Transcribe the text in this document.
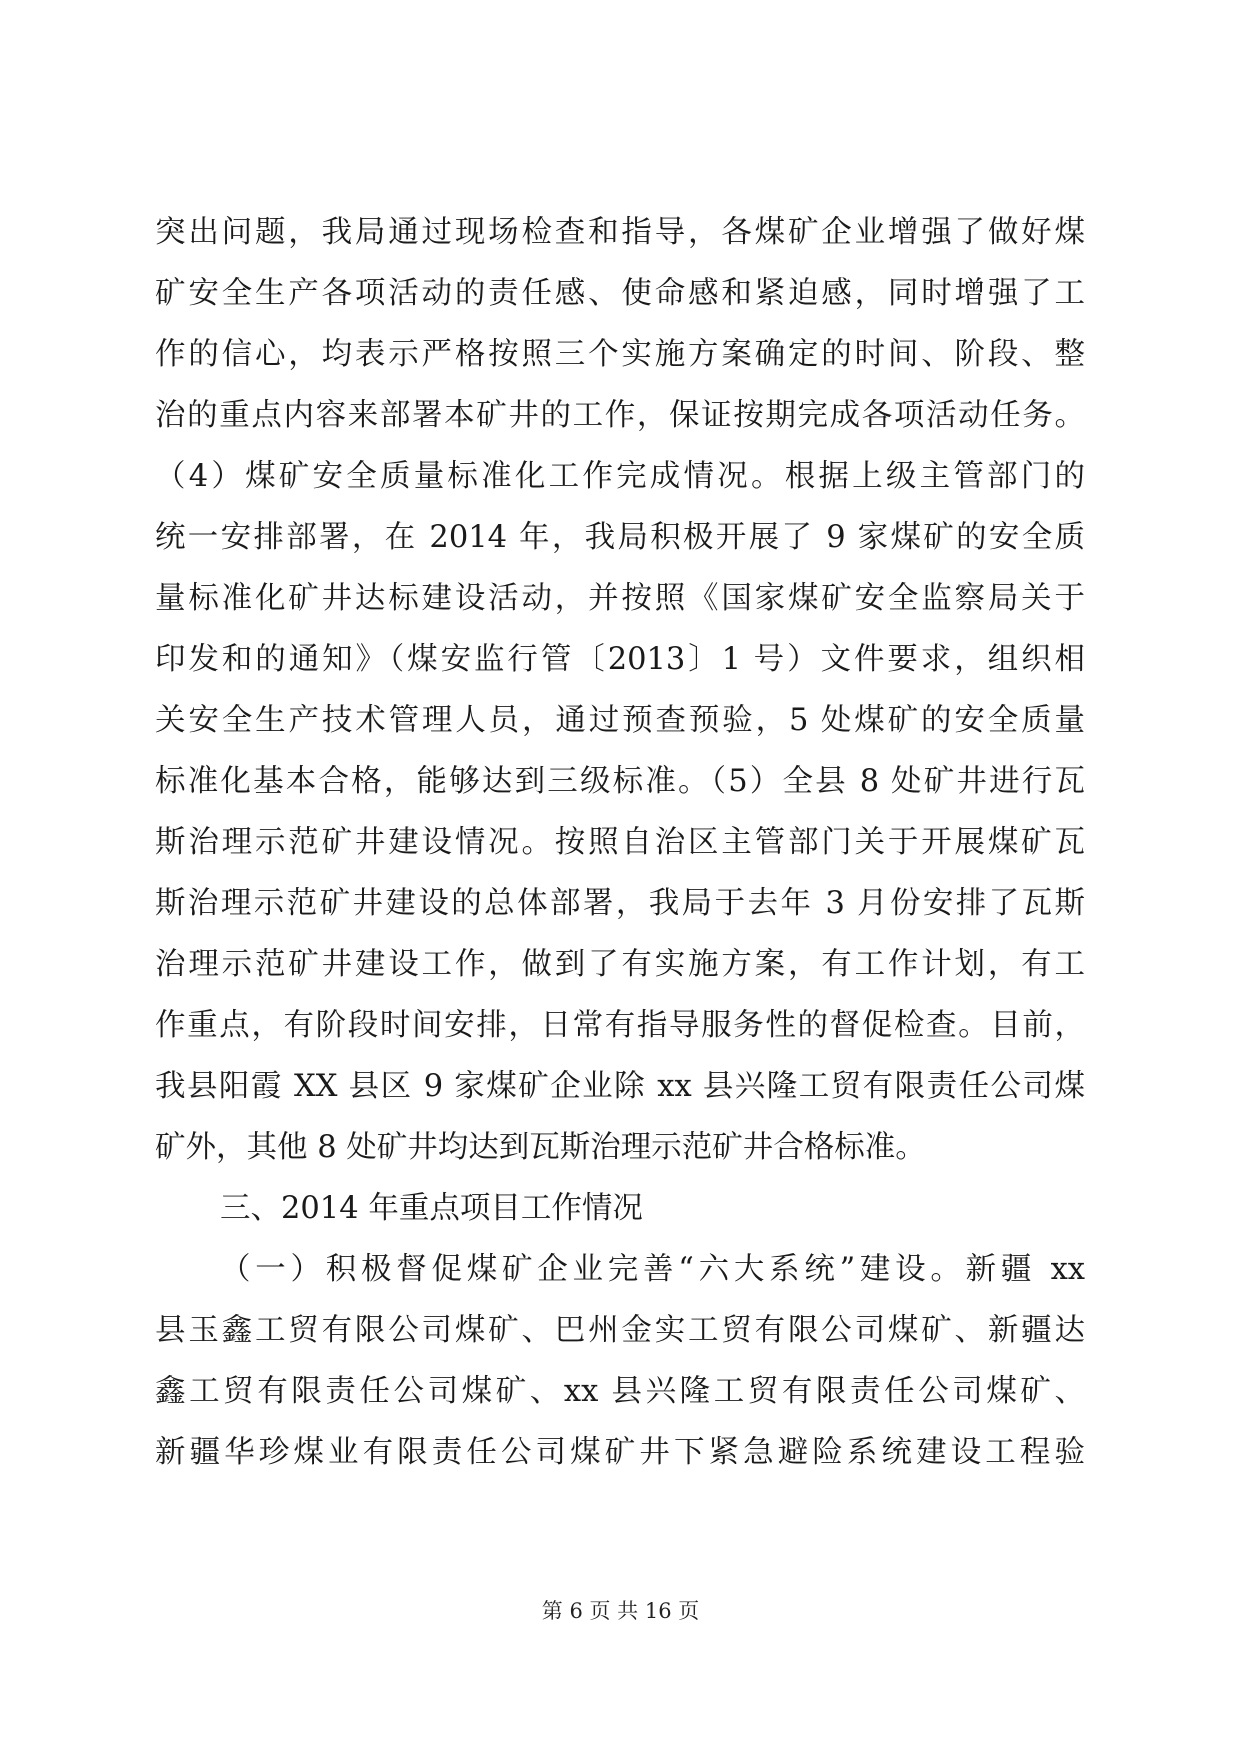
突出问题，我局通过现场检查和指导，各煤矿企业增强了做好煤
矿安全生产各项活动的责任感、使命感和紧迫感，同时增强了工
作的信心，均表示严格按照三个实施方案确定的时间、阶段、整
治的重点内容来部署本矿井的工作，保证按期完成各项活动任务。
（4）煤矿安全质量标准化工作完成情况。根据上级主管部门的
统一安排部署，在 2014 年，我局积极开展了 9 家煤矿的安全质
量标准化矿井达标建设活动，并按照《国家煤矿安全监察局关于
印发和的通知》（煤安监行管〔2013〕1 号）文件要求，组织相
关安全生产技术管理人员，通过预查预验，5 处煤矿的安全质量
标准化基本合格，能够达到三级标准。（5）全县 8 处矿井进行瓦
斯治理示范矿井建设情况。按照自治区主管部门关于开展煤矿瓦
斯治理示范矿井建设的总体部署，我局于去年 3 月份安排了瓦斯
治理示范矿井建设工作，做到了有实施方案，有工作计划，有工
作重点，有阶段时间安排，日常有指导服务性的督促检查。目前，
我县阳霞 XX 县区 9 家煤矿企业除 xx 县兴隆工贸有限责任公司煤
矿外，其他 8 处矿井均达到瓦斯治理示范矿井合格标准。
三、2014 年重点项目工作情况
（一）积极督促煤矿企业完善“六大系统”建设。新疆 xx
县玉鑫工贸有限公司煤矿、巴州金实工贸有限公司煤矿、新疆达
鑫工贸有限责任公司煤矿、xx 县兴隆工贸有限责任公司煤矿、
新疆华珍煤业有限责任公司煤矿井下紧急避险系统建设工程验
第 6 页 共 16 页
